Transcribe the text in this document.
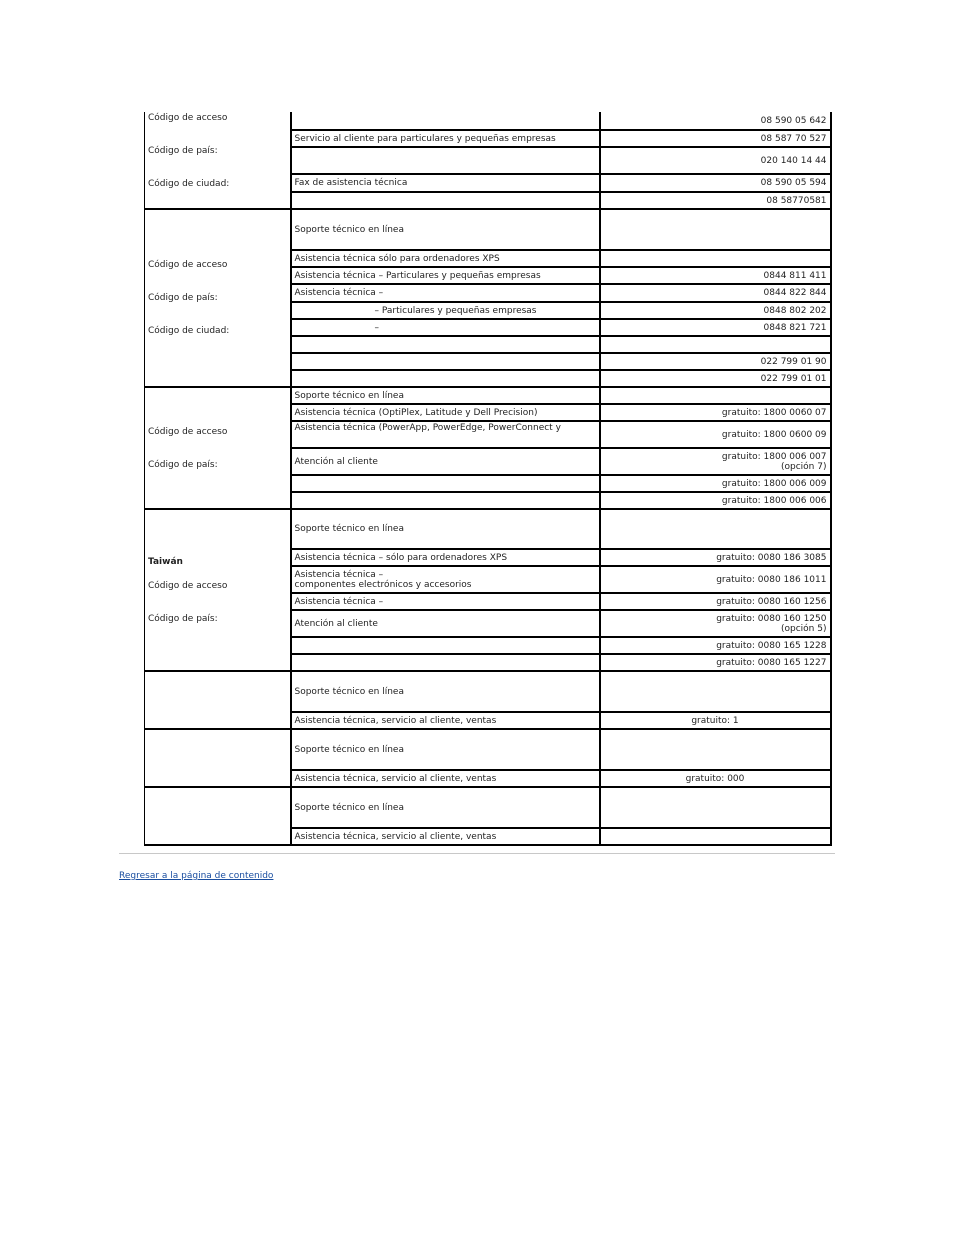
Código de acceso
Código de país:
Código de ciudad:		08 590 05 642
	Servicio al cliente para particulares y pequeñas empresas	08 587 70 527
		020 140 14 44
	Fax de asistencia técnica	08 590 05 594
		08 58770581

Código de acceso
Código de país:
Código de ciudad:	Soporte técnico en línea	
	Asistencia técnica sólo para ordenadores XPS	
	Asistencia técnica – Particulares y pequeñas empresas	0844 811 411
	Asistencia técnica –	0844 822 844
	– Particulares y pequeñas empresas	0848 802 202
	–	0848 821 721

		022 799 01 90
		022 799 01 01

Código de acceso
Código de país:	Soporte técnico en línea	
	Asistencia técnica (OptiPlex, Latitude y Dell Precision)	gratuito: 1800 0060 07
	Asistencia técnica (PowerApp, PowerEdge, PowerConnect y	gratuito: 1800 0600 09
	Atención al cliente	gratuito: 1800 006 007
(opción 7)
		gratuito: 1800 006 009
		gratuito: 1800 006 006

Taiwán
Código de acceso
Código de país:	Soporte técnico en línea	
	Asistencia técnica – sólo para ordenadores XPS	gratuito: 0080 186 3085
	Asistencia técnica –
componentes electrónicos y accesorios	gratuito: 0080 186 1011
	Asistencia técnica –	gratuito: 0080 160 1256
	Atención al cliente	gratuito: 0080 160 1250
(opción 5)
		gratuito: 0080 165 1228
		gratuito: 0080 165 1227
	Soporte técnico en línea	
	Asistencia técnica, servicio al cliente, ventas	gratuito: 1
	Soporte técnico en línea	
	Asistencia técnica, servicio al cliente, ventas	gratuito: 000
	Soporte técnico en línea	
	Asistencia técnica, servicio al cliente, ventas	
Regresar a la página de contenido
